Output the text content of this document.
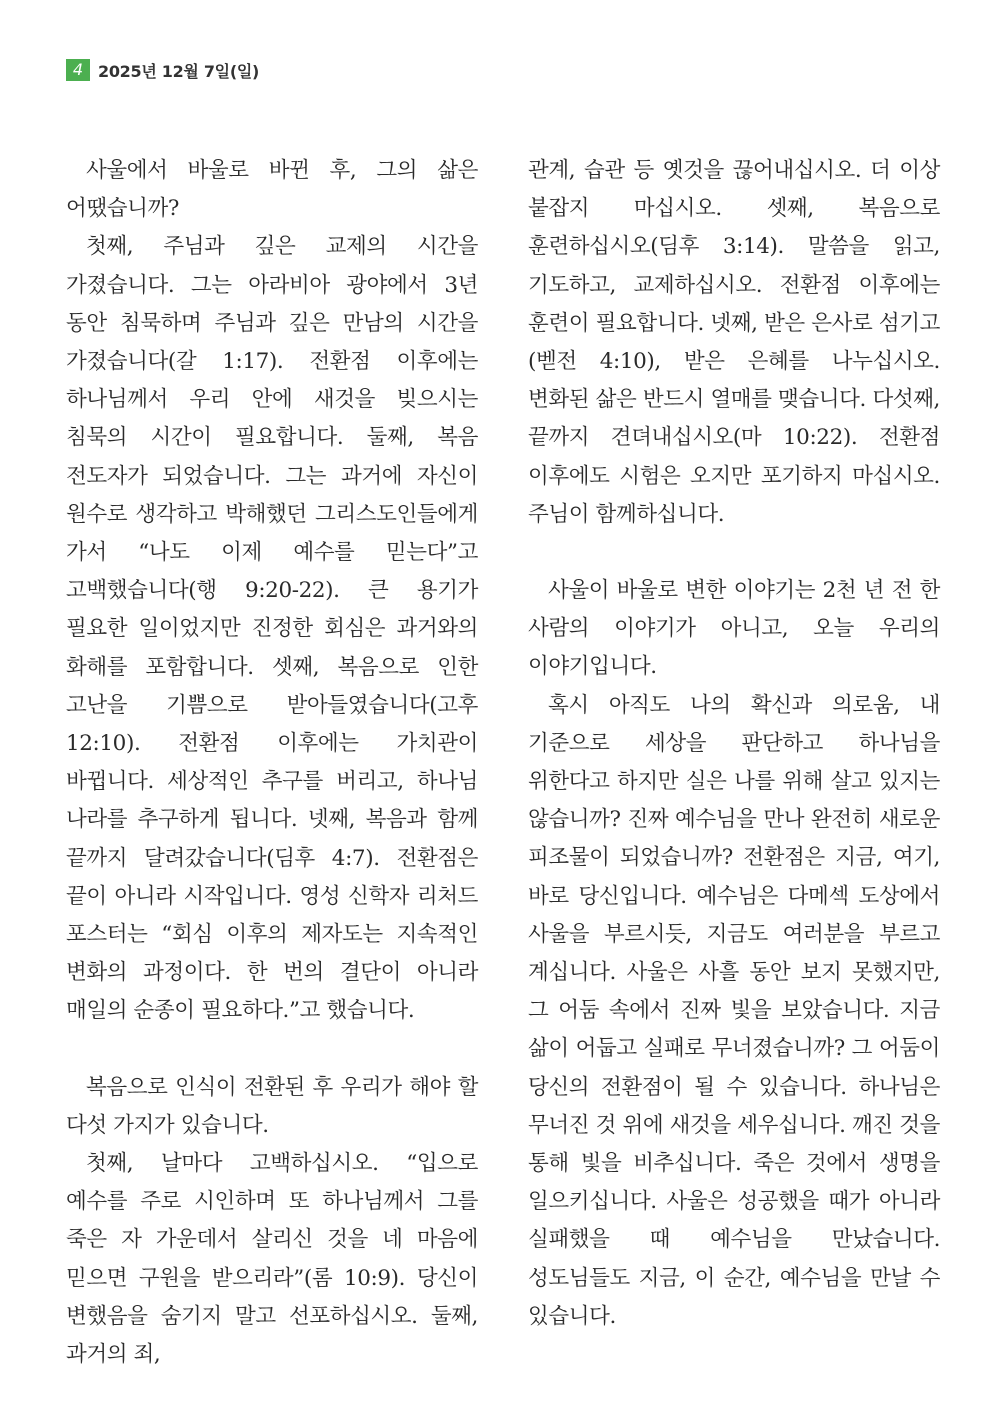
4 2025년 12월 7일(일)

사울에서 바울로 바뀐 후, 그의 삶은 어땠습니까?

첫째, 주님과 깊은 교제의 시간을 가졌습니다. 그는 아라비아 광야에서 3년 동안 침묵하며 주님과 깊은 만남의 시간을 가졌습니다(갈 1:17). 전환점 이후에는 하나님께서 우리 안에 새것을 빚으시는 침묵의 시간이 필요합니다. 둘째, 복음 전도자가 되었습니다. 그는 과거에 자신이 원수로 생각하고 박해했던 그리스도인들에게 가서 “나도 이제 예수를 믿는다”고 고백했습니다(행 9:20-22). 큰 용기가 필요한 일이었지만 진정한 회심은 과거와의 화해를 포함합니다. 셋째, 복음으로 인한 고난을 기쁨으로 받아들였습니다(고후 12:10). 전환점 이후에는 가치관이 바뀝니다. 세상적인 추구를 버리고, 하나님 나라를 추구하게 됩니다. 넷째, 복음과 함께 끝까지 달려갔습니다(딤후 4:7). 전환점은 끝이 아니라 시작입니다. 영성 신학자 리처드 포스터는 “회심 이후의 제자도는 지속적인 변화의 과정이다. 한 번의 결단이 아니라 매일의 순종이 필요하다.”고 했습니다.

복음으로 인식이 전환된 후 우리가 해야 할 다섯 가지가 있습니다.

첫째, 날마다 고백하십시오. “입으로 예수를 주로 시인하며 또 하나님께서 그를 죽은 자 가운데서 살리신 것을 네 마음에 믿으면 구원을 받으리라”(롬 10:9). 당신이 변했음을 숨기지 말고 선포하십시오. 둘째, 과거의 죄,

관계, 습관 등 옛것을 끊어내십시오. 더 이상 붙잡지 마십시오. 셋째, 복음으로 훈련하십시오(딤후 3:14). 말씀을 읽고, 기도하고, 교제하십시오. 전환점 이후에는 훈련이 필요합니다. 넷째, 받은 은사로 섬기고(벧전 4:10), 받은 은혜를 나누십시오. 변화된 삶은 반드시 열매를 맺습니다. 다섯째, 끝까지 견뎌내십시오(마 10:22). 전환점 이후에도 시험은 오지만 포기하지 마십시오. 주님이 함께하십니다.

사울이 바울로 변한 이야기는 2천 년 전 한 사람의 이야기가 아니고, 오늘 우리의 이야기입니다.

혹시 아직도 나의 확신과 의로움, 내 기준으로 세상을 판단하고 하나님을 위한다고 하지만 실은 나를 위해 살고 있지는 않습니까? 진짜 예수님을 만나 완전히 새로운 피조물이 되었습니까? 전환점은 지금, 여기, 바로 당신입니다. 예수님은 다메섹 도상에서 사울을 부르시듯, 지금도 여러분을 부르고 계십니다. 사울은 사흘 동안 보지 못했지만, 그 어둠 속에서 진짜 빛을 보았습니다. 지금 삶이 어둡고 실패로 무너졌습니까? 그 어둠이 당신의 전환점이 될 수 있습니다. 하나님은 무너진 것 위에 새것을 세우십니다. 깨진 것을 통해 빛을 비추십니다. 죽은 것에서 생명을 일으키십니다. 사울은 성공했을 때가 아니라 실패했을 때 예수님을 만났습니다. 성도님들도 지금, 이 순간, 예수님을 만날 수 있습니다.
